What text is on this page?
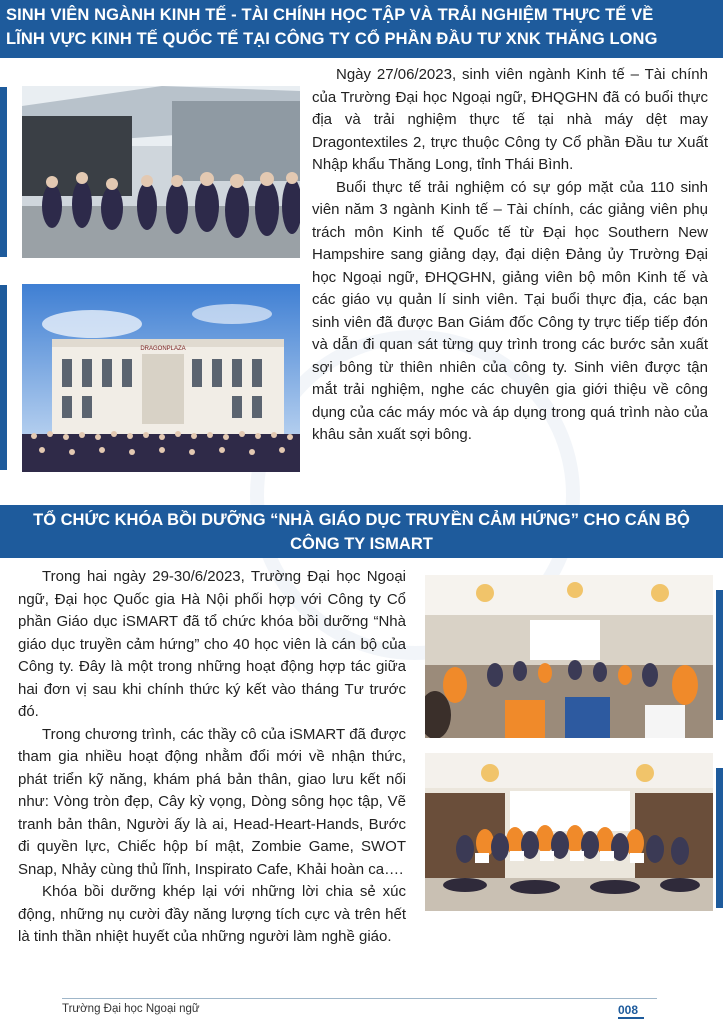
SINH VIÊN NGÀNH KINH TẾ - TÀI CHÍNH HỌC TẬP VÀ TRẢI NGHIỆM THỰC TẾ VỀ
LĨNH VỰC KINH TẾ QUỐC TẾ TẠI CÔNG TY CỔ PHẦN ĐẦU TƯ XNK THĂNG LONG
DRAGONPLAZA

Ngày 27/06/2023, sinh viên ngành Kinh tế – Tài chính của Trường Đại học Ngoại ngữ, ĐHQGHN đã có buổi thực địa và trải nghiệm thực tế tại nhà máy dệt may Dragontextiles 2, trực thuộc Công ty Cổ phần Đầu tư Xuất Nhập khẩu Thăng Long, tỉnh Thái Bình.

Buổi thực tế trải nghiệm có sự góp mặt của 110 sinh viên năm 3 ngành Kinh tế – Tài chính, các giảng viên phụ trách môn Kinh tế Quốc tế từ Đại học Southern New Hampshire sang giảng dạy, đại diện Đảng ủy Trường Đại học Ngoại ngữ, ĐHQGHN, giảng viên bộ môn Kinh tế và các giáo vụ quản lí sinh viên. Tại buổi thực địa, các bạn sinh viên đã được Ban Giám đốc Công ty trực tiếp tiếp đón và dẫn đi quan sát từng quy trình trong các bước sản xuất sợi bông từ thiên nhiên của công ty. Sinh viên được tận mắt trải nghiệm, nghe các chuyên gia giới thiệu về công dụng của các máy móc và áp dụng trong quá trình nào của khâu sản xuất sợi bông.

TỔ CHỨC KHÓA BỒI DƯỠNG “NHÀ GIÁO DỤC TRUYỀN CẢM HỨNG” CHO CÁN BỘ
CÔNG TY ISMART

Trong hai ngày 29-30/6/2023, Trường Đại học Ngoại ngữ, Đại học Quốc gia Hà Nội phối hợp với Công ty Cổ phần Giáo dục iSMART đã tổ chức khóa bồi dưỡng “Nhà giáo dục truyền cảm hứng” cho 40 học viên là cán bộ của Công ty. Đây là một trong những hoạt động hợp tác giữa hai đơn vị sau khi chính thức ký kết vào tháng Tư trước đó.

Trong chương trình, các thầy cô của iSMART đã được tham gia nhiều hoạt động nhằm đổi mới về nhận thức, phát triển kỹ năng, khám phá bản thân, giao lưu kết nối như: Vòng tròn đẹp, Cây kỳ vọng, Dòng sông học tập, Vẽ tranh bản thân, Người ấy là ai, Head-Heart-Hands, Bước đi quyền lực, Chiếc hộp bí mật, Zombie Game, SWOT Snap, Nhảy cùng thủ lĩnh, Inspirato Cafe, Khải hoàn ca….

Khóa bồi dưỡng khép lại với những lời chia sẻ xúc động, những nụ cười đầy năng lượng tích cực và trên hết là tinh thần nhiệt huyết của những người làm nghề giáo.

Trường Đại học Ngoại ngữ	008
